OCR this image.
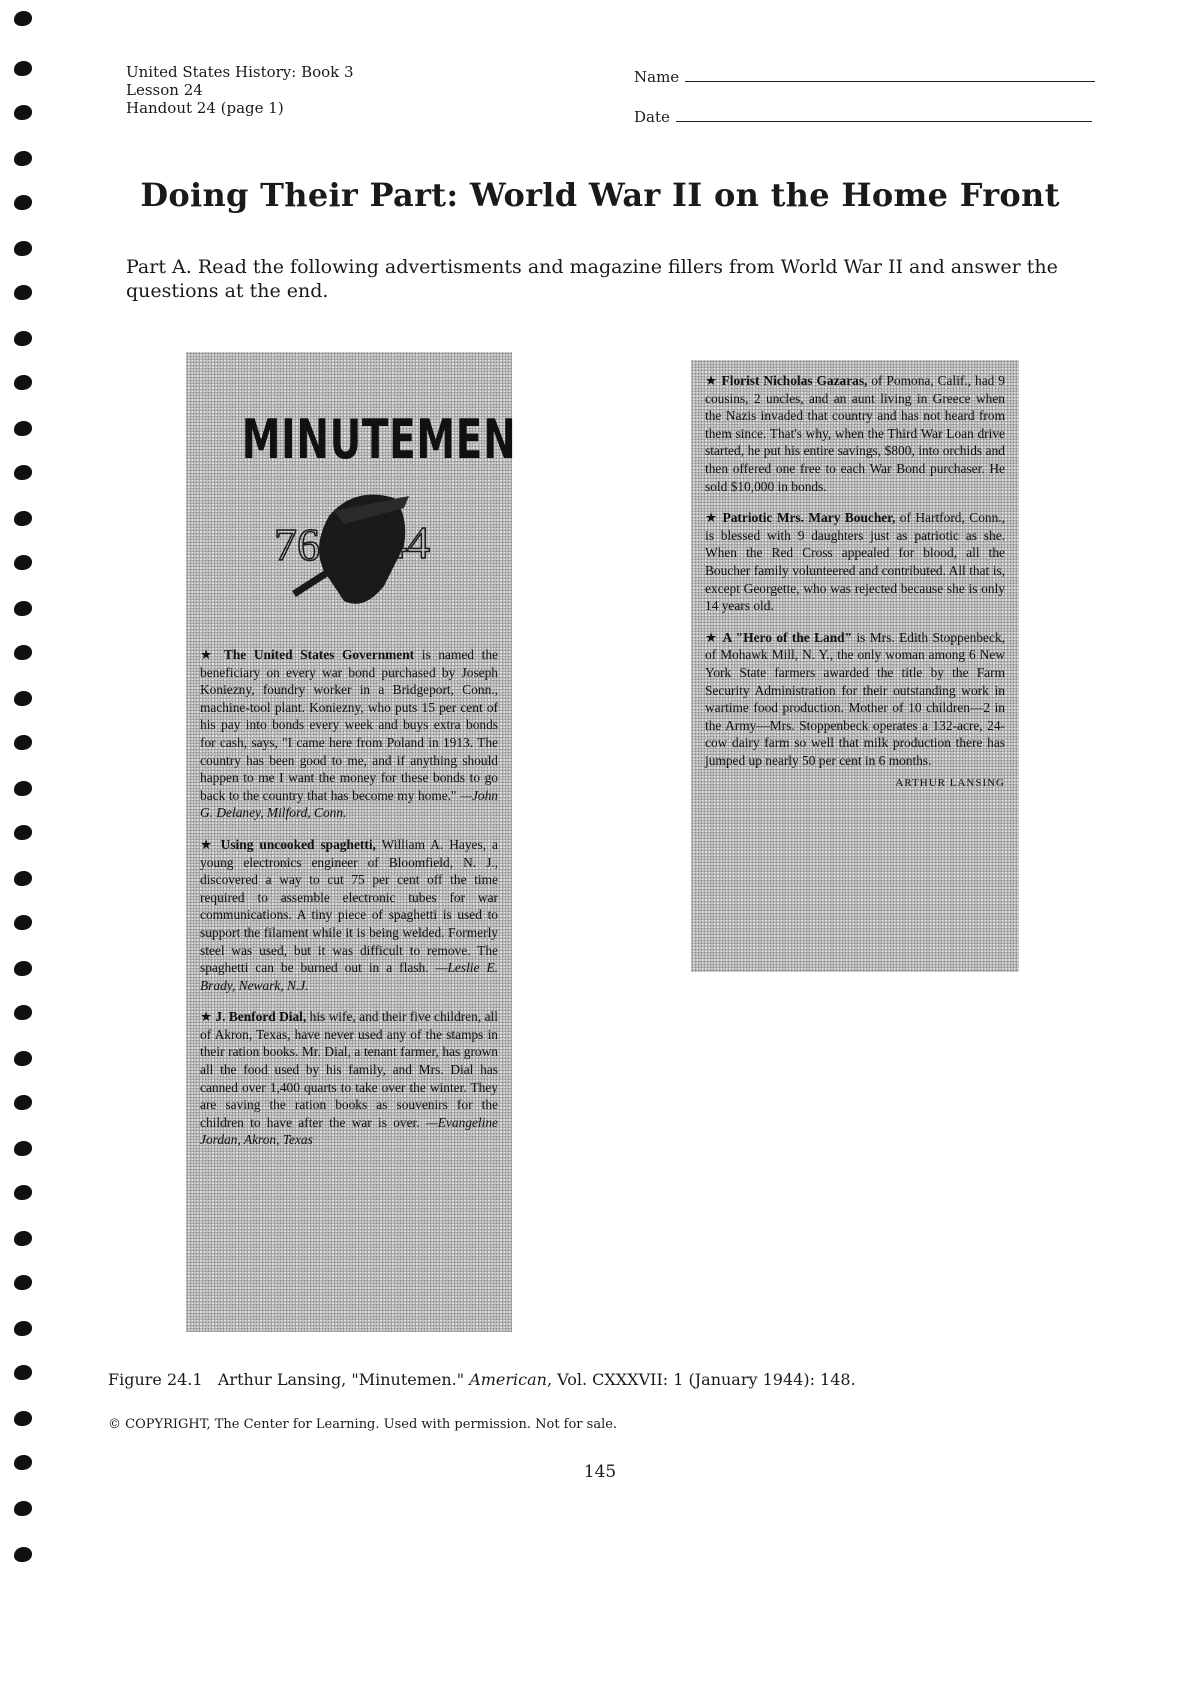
United States History: Book 3
Lesson 24
Handout 24 (page 1)
Name
Date
Doing Their Part: World War II on the Home Front
Part A. Read the following advertisments and magazine fillers from World War II and answer the questions at the end.
MINUTEMEN
76 44

★ The United States Government is named the beneficiary on every war bond purchased by Joseph Koniezny, foundry worker in a Bridgeport, Conn., machine-tool plant. Koniezny, who puts 15 per cent of his pay into bonds every week and buys extra bonds for cash, says, "I came here from Poland in 1913. The country has been good to me, and if anything should happen to me I want the money for these bonds to go back to the country that has become my home." —John G. Delaney, Milford, Conn.

★ Using uncooked spaghetti, William A. Hayes, a young electronics engineer of Bloomfield, N. J., discovered a way to cut 75 per cent off the time required to assemble electronic tubes for war communications. A tiny piece of spaghetti is used to support the filament while it is being welded. Formerly steel was used, but it was difficult to remove. The spaghetti can be burned out in a flash. —Leslie E. Brady, Newark, N.J.

★ J. Benford Dial, his wife, and their five children, all of Akron, Texas, have never used any of the stamps in their ration books. Mr. Dial, a tenant farmer, has grown all the food used by his family, and Mrs. Dial has canned over 1,400 quarts to take over the winter. They are saving the ration books as souvenirs for the children to have after the war is over. —Evangeline Jordan, Akron, Texas

★ Florist Nicholas Gazaras, of Pomona, Calif., had 9 cousins, 2 uncles, and an aunt living in Greece when the Nazis invaded that country and has not heard from them since. That's why, when the Third War Loan drive started, he put his entire savings, $800, into orchids and then offered one free to each War Bond purchaser. He sold $10,000 in bonds.

★ Patriotic Mrs. Mary Boucher, of Hartford, Conn., is blessed with 9 daughters just as patriotic as she. When the Red Cross appealed for blood, all the Boucher family volunteered and contributed. All that is, except Georgette, who was rejected because she is only 14 years old.

★ A "Hero of the Land" is Mrs. Edith Stoppenbeck, of Mohawk Mill, N. Y., the only woman among 6 New York State farmers awarded the title by the Farm Security Administration for their outstanding work in wartime food production. Mother of 10 children—2 in the Army—Mrs. Stoppenbeck operates a 132-acre, 24-cow dairy farm so well that milk production there has jumped up nearly 50 per cent in 6 months.

ARTHUR LANSING
Figure 24.1 Arthur Lansing, "Minutemen." American, Vol. CXXXVII: 1 (January 1944): 148.
© COPYRIGHT, The Center for Learning. Used with permission. Not for sale.
145
